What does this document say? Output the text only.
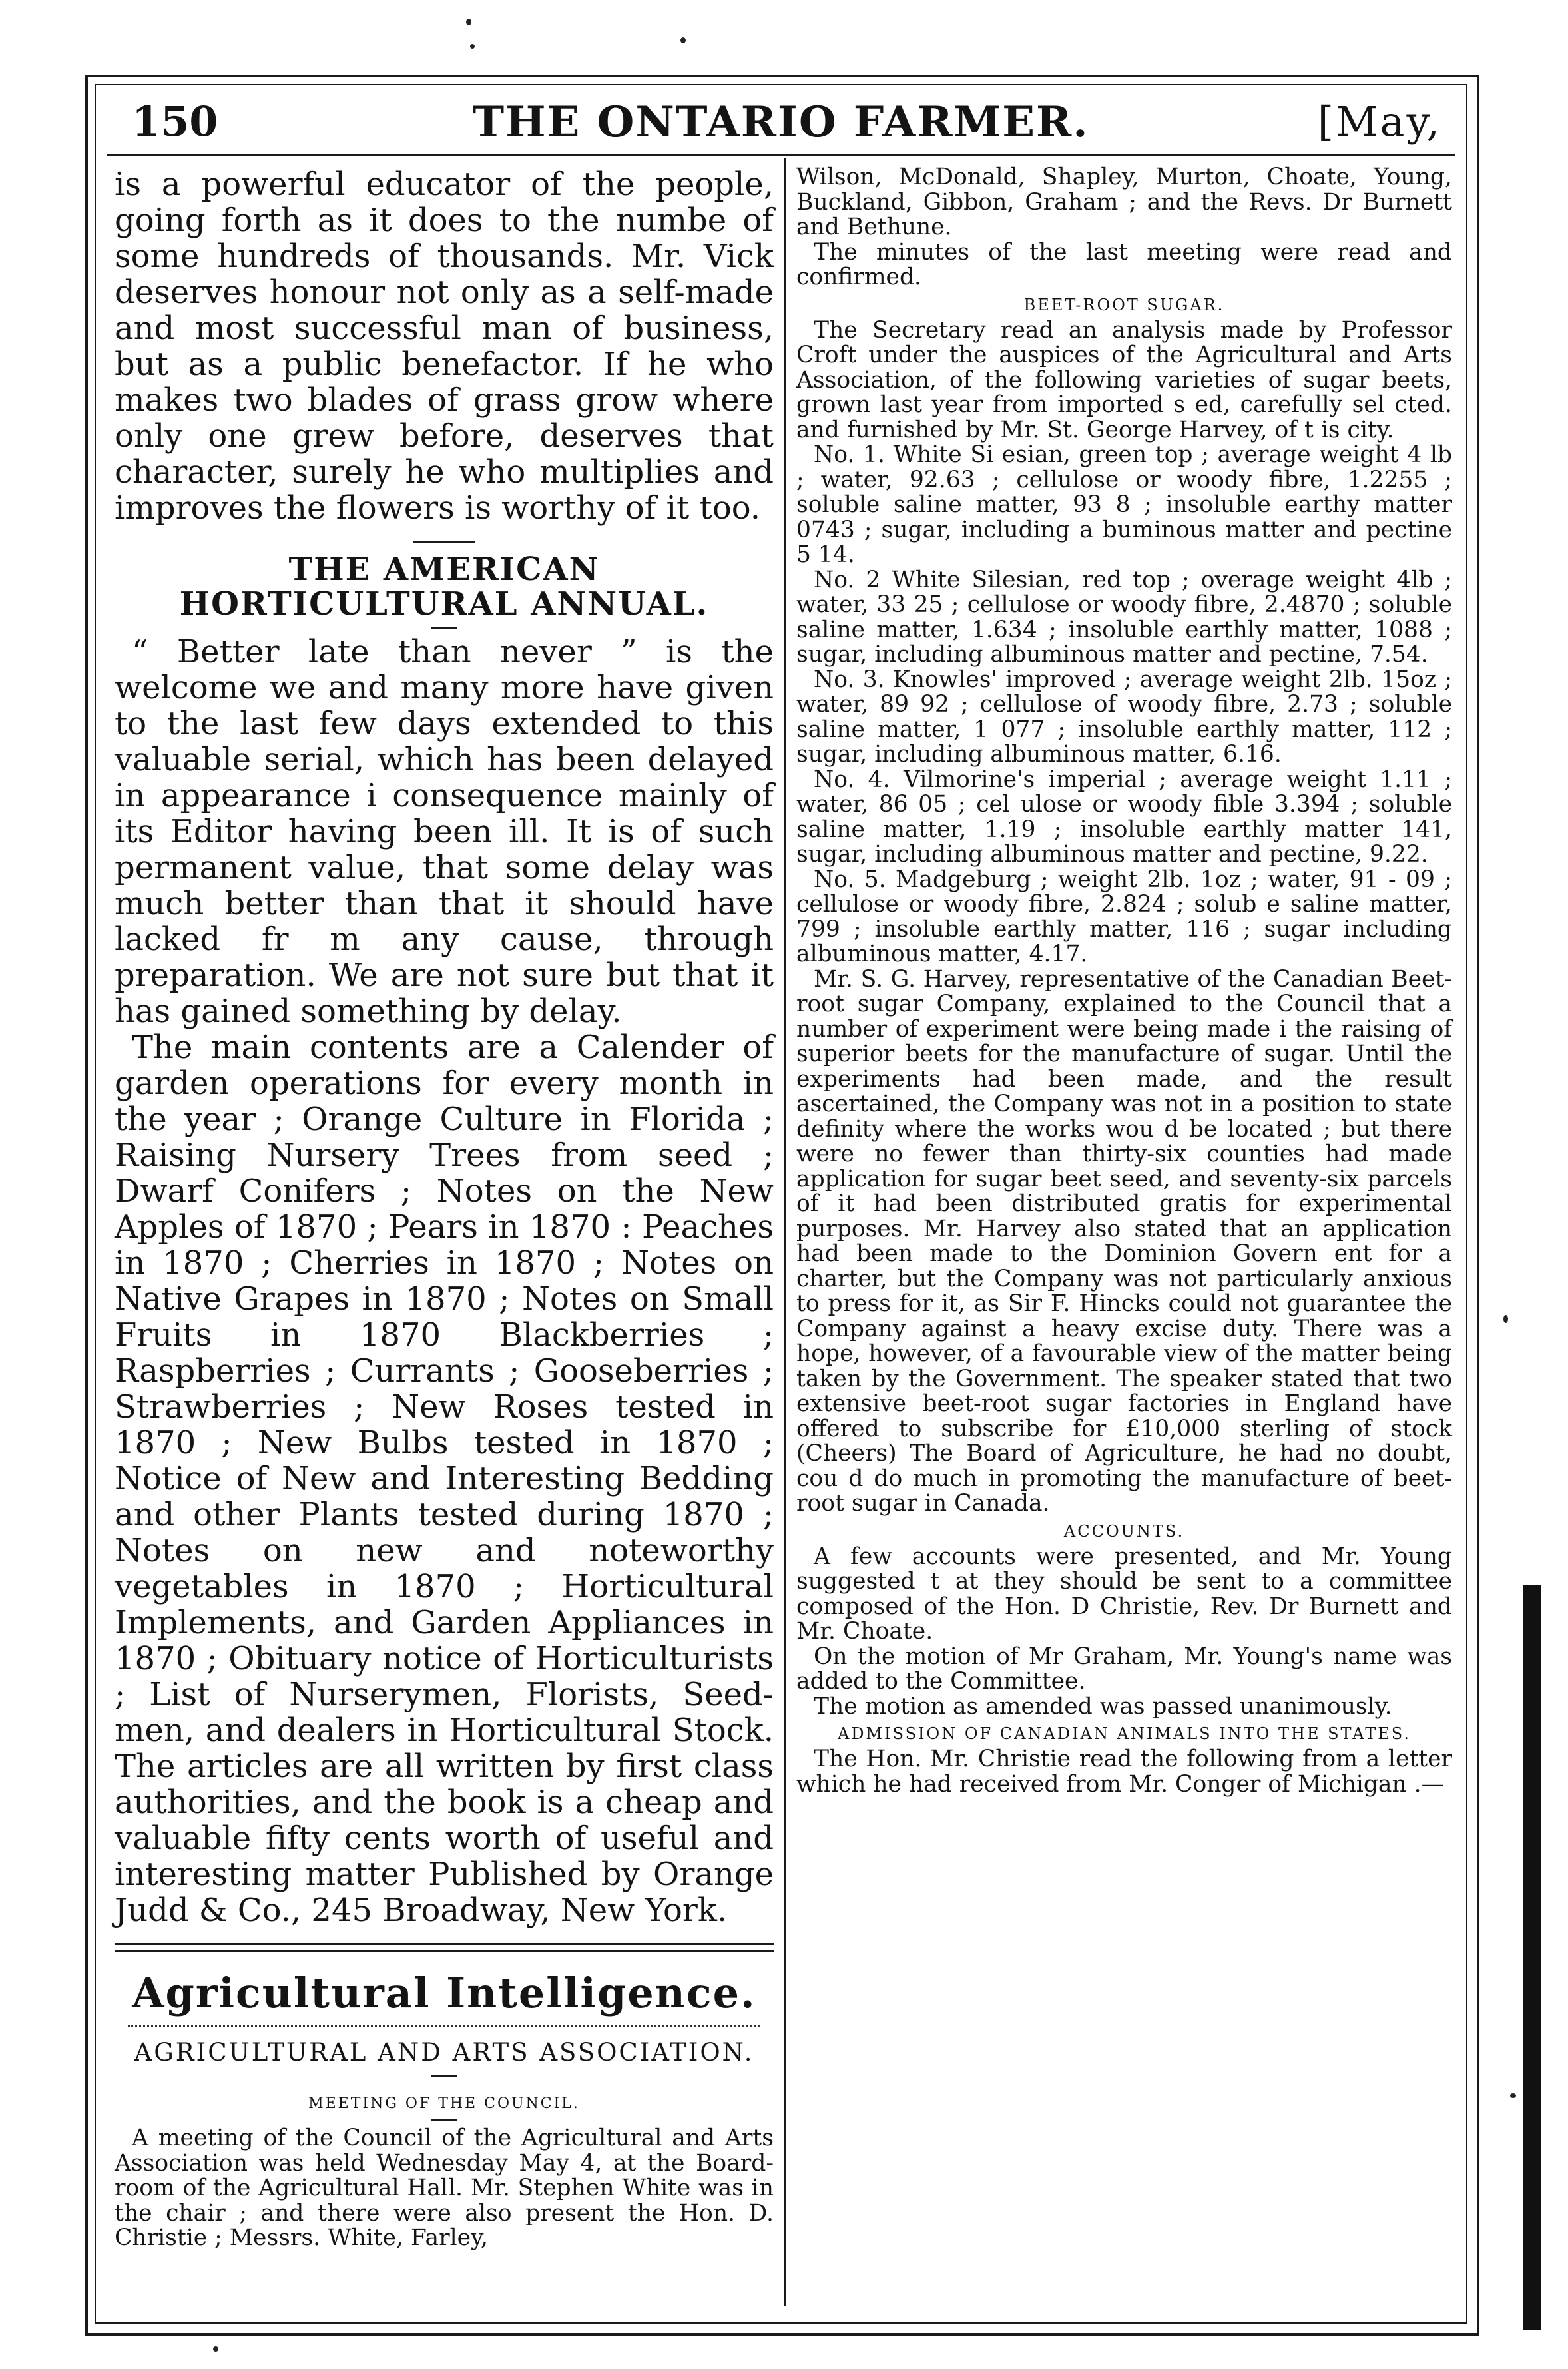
150	THE ONTARIO FARMER.	[May,

is a powerful educator of the people, going forth as it does to the numbe of some hundreds of thousands. Mr. Vick deserves honour not only as a self-made and most successful man of business, but as a public benefactor. If he who makes two blades of grass grow where only one grew before, deserves that character, surely he who multiplies and improves the flowers is worthy of it too.

THE AMERICAN HORTICULTURAL ANNUAL.

“ Better late than never ” is the welcome we and many more have given to the last few days extended to this valuable serial, which has been delayed in appearance i consequence mainly of its Editor having been ill. It is of such permanent value, that some delay was much better than that it should have lacked fr m any cause, through preparation. We are not sure but that it has gained something by delay.

The main contents are a Calender of garden operations for every month in the year ; Orange Culture in Florida ; Raising Nursery Trees from seed ; Dwarf Conifers ; Notes on the New Apples of 1870 ; Pears in 1870 : Peaches in 1870 ; Cherries in 1870 ; Notes on Native Grapes in 1870 ; Notes on Small Fruits in 1870 Blackberries ; Raspberries ; Currants ; Gooseberries ; Strawberries ; New Roses tested in 1870 ; New Bulbs tested in 1870 ; Notice of New and Interesting Bedding and other Plants tested during 1870 ; Notes on new and noteworthy vegetables in 1870 ; Horticultural Implements, and Garden Appliances in 1870 ; Obituary notice of Horticulturists ; List of Nurserymen, Florists, Seed-men, and dealers in Horticultural Stock. The articles are all written by first class authorities, and the book is a cheap and valuable fifty cents worth of useful and interesting matter Published by Orange Judd & Co., 245 Broadway, New York.

Agricultural Intelligence.
AGRICULTURAL AND ARTS ASSOCIATION.
MEETING OF THE COUNCIL.

A meeting of the Council of the Agricultural and Arts Association was held Wednesday May 4, at the Board-room of the Agricultural Hall. Mr. Stephen White was in the chair ; and there were also present the Hon. D. Christie ; Messrs. White, Farley,

Wilson, McDonald, Shapley, Murton, Choate, Young, Buckland, Gibbon, Graham ; and the Revs. Dr Burnett and Bethune.

The minutes of the last meeting were read and confirmed.

BEET-ROOT SUGAR.

The Secretary read an analysis made by Professor Croft under the auspices of the Agricultural and Arts Association, of the following varieties of sugar beets, grown last year from imported s ed, carefully sel cted. and furnished by Mr. St. George Harvey, of t is city.

No. 1. White Si esian, green top ; average weight 4 lb ; water, 92.63 ; cellulose or woody fibre, 1.2255 ; soluble saline matter, 93 8 ; insoluble earthy matter 0743 ; sugar, including a buminous matter and pectine 5 14.

No. 2 White Silesian, red top ; overage weight 4lb ; water, 33 25 ; cellulose or woody fibre, 2.4870 ; soluble saline matter, 1.634 ; insoluble earthly matter, 1088 ; sugar, including albuminous matter and pectine, 7.54.

No. 3. Knowles' improved ; average weight 2lb. 15oz ; water, 89 92 ; cellulose of woody fibre, 2.73 ; soluble saline matter, 1 077 ; insoluble earthly matter, 112 ; sugar, including albuminous matter, 6.16.

No. 4. Vilmorine's imperial ; average weight 1.11 ; water, 86 05 ; cel ulose or woody fible 3.394 ; soluble saline matter, 1.19 ; insoluble earthly matter 141, sugar, including albuminous matter and pectine, 9.22.

No. 5. Madgeburg ; weight 2lb. 1oz ; water, 91 - 09 ; cellulose or woody fibre, 2.824 ; solub e saline matter, 799 ; insoluble earthly matter, 116 ; sugar including albuminous matter, 4.17.

Mr. S. G. Harvey, representative of the Canadian Beet-root sugar Company, explained to the Council that a number of experiment were being made i the raising of superior beets for the manufacture of sugar. Until the experiments had been made, and the result ascertained, the Company was not in a position to state definity where the works wou d be located ; but there were no fewer than thirty-six counties had made application for sugar beet seed, and seventy-six parcels of it had been distributed gratis for experimental purposes. Mr. Harvey also stated that an application had been made to the Dominion Govern ent for a charter, but the Company was not particularly anxious to press for it, as Sir F. Hincks could not guarantee the Company against a heavy excise duty. There was a hope, however, of a favourable view of the matter being taken by the Government. The speaker stated that two extensive beet-root sugar factories in England have offered to subscribe for £10,000 sterling of stock (Cheers) The Board of Agriculture, he had no doubt, cou d do much in promoting the manufacture of beet-root sugar in Canada.

ACCOUNTS.

A few accounts were presented, and Mr. Young suggested t at they should be sent to a committee composed of the Hon. D Christie, Rev. Dr Burnett and Mr. Choate.

On the motion of Mr Graham, Mr. Young's name was added to the Committee.

The motion as amended was passed unanimously.

ADMISSION OF CANADIAN ANIMALS INTO THE STATES.

The Hon. Mr. Christie read the following from a letter which he had received from Mr. Conger of Michigan .—
